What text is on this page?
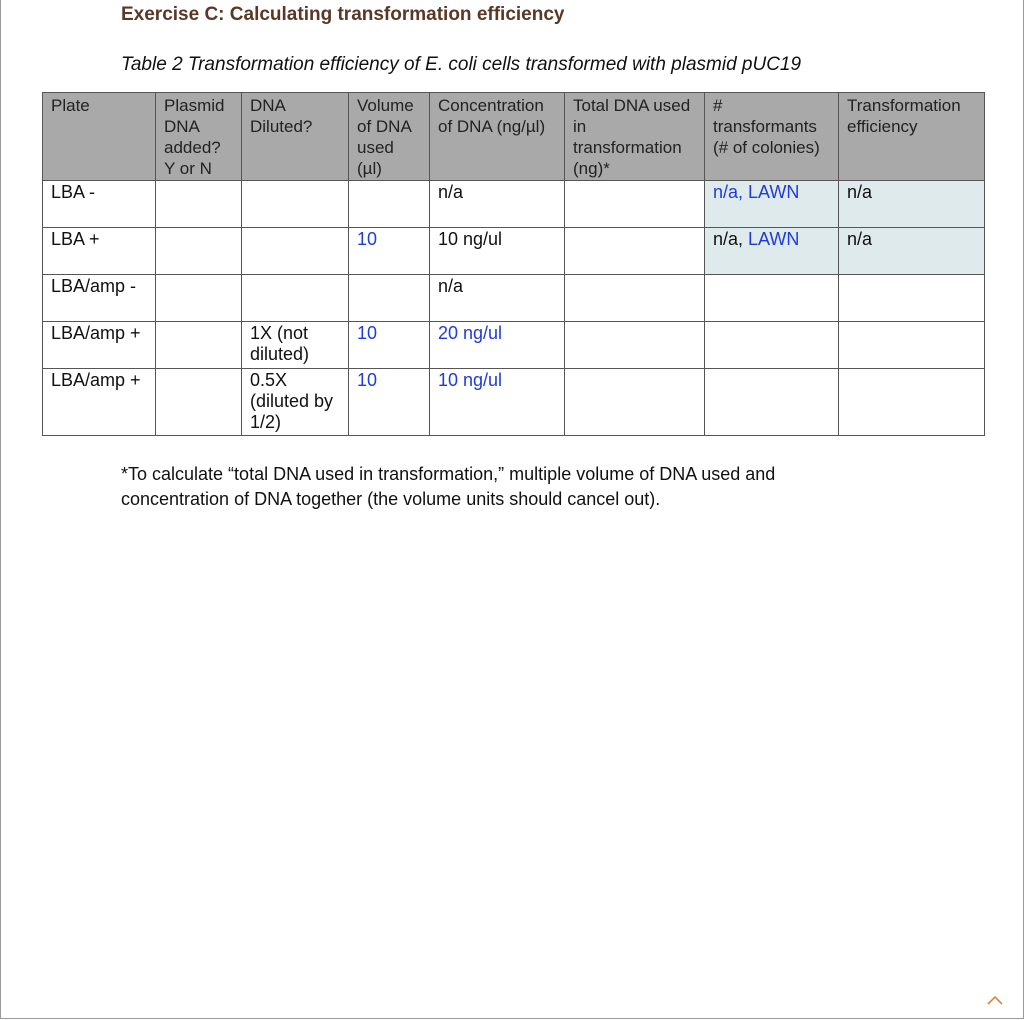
Exercise C: Calculating transformation efficiency
Table 2 Transformation efficiency of E. coli cells transformed with plasmid pUC19
Plate	Plasmid DNA added? Y or N	DNA Diluted?	Volume of DNA used (µl)	Concentration of DNA (ng/µl)	Total DNA used in transformation (ng)*	# transformants (# of colonies)	Transformation efficiency
LBA -				n/a		n/a, LAWN	n/a
LBA +			10	10 ng/ul		n/a, LAWN	n/a
LBA/amp -				n/a			
LBA/amp +		1X (not diluted)	10	20 ng/ul			
LBA/amp +		0.5X (diluted by 1/2)	10	10 ng/ul			
*To calculate “total DNA used in transformation,” multiple volume of DNA used and concentration of DNA together (the volume units should cancel out).
